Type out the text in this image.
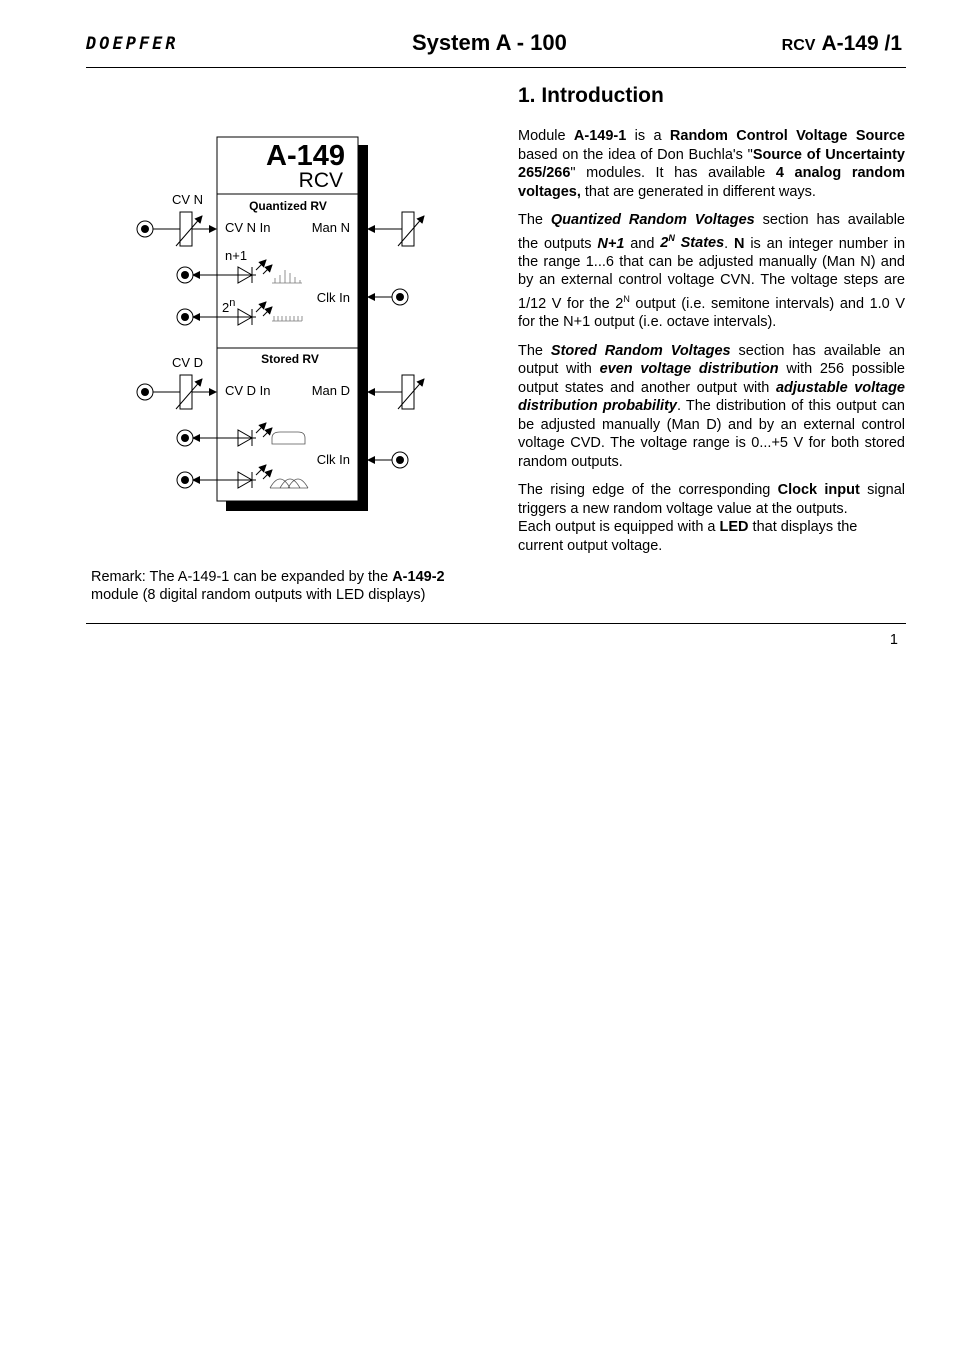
DOEPFER	System A - 100	RCV A-149 /1
A-149
RCV
Quantized RV
Stored RV
CV N
CV N In	Man N
n+1
2$^n$	Clk In
CV D
CV D In	Man D
Clk In
Remark: The A-149-1 can be expanded by the A-149-2 module (8 digital random outputs with LED displays)
1. Introduction

Module A-149-1 is a Random Control Voltage Source based on the idea of Don Buchla's "Source of Uncertainty 265/266" modules. It has available 4 analog random voltages, that are generated in different ways.

The Quantized Random Voltages section has available the outputs N+1 and $2^N$ States. N is an integer number in the range 1...6 that can be adjusted manually (Man N) and by an external control voltage CVN. The voltage steps are 1/12 V for the $2^N$ output (i.e. semitone intervals) and 1.0 V for the N+1 output (i.e. octave intervals).

The Stored Random Voltages section has available an output with even voltage distribution with 256 possible output states and another output with adjustable voltage distribution probability. The distribution of this output can be adjusted manually (Man D) and by an external control voltage CVD. The voltage range is 0...+5 V for both stored random outputs.

The rising edge of the corresponding Clock input signal triggers a new random voltage value at the outputs.

Each output is equipped with a LED that displays the current output voltage.

1
